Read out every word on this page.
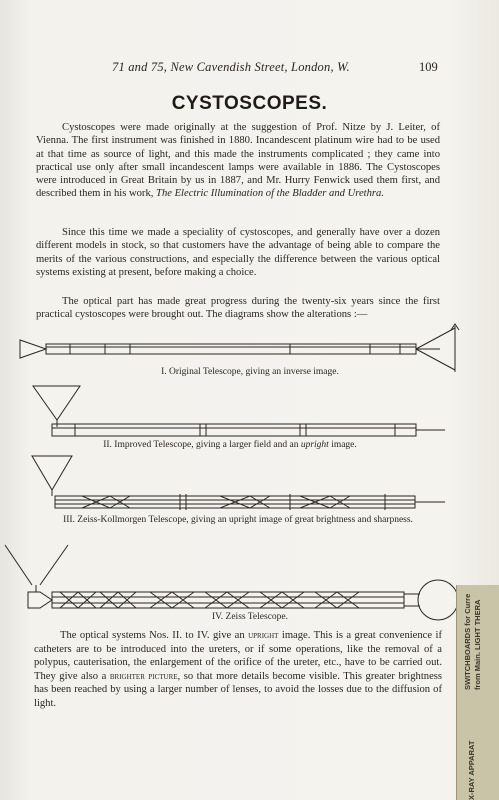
71 and 75, New Cavendish Street, London, W.	109
CYSTOSCOPES.

Cystoscopes were made originally at the suggestion of Prof. Nitze by J. Leiter, of Vienna. The first instrument was finished in 1880. Incandescent platinum wire had to be used at that time as source of light, and this made the instruments complicated ; they came into practical use only after small incandescent lamps were available in 1886. The Cystoscopes were introduced in Great Britain by us in 1887, and Mr. Hurry Fenwick used them first, and described them in his work, The Electric Illumination of the Bladder and Urethra.

Since this time we made a speciality of cystoscopes, and generally have over a dozen different models in stock, so that customers have the advantage of being able to compare the merits of the various constructions, and especially the difference between the various optical systems existing at present, before making a choice.

The optical part has made great progress during the twenty-six years since the first practical cystoscopes were brought out. The diagrams show the alterations :—

I. Original Telescope, giving an inverse image.
II. Improved Telescope, giving a larger field and an upright image.
III. Zeiss-Kollmorgen Telescope, giving an upright image of great brightness and sharpness.
IV. Zeiss Telescope.

The optical systems Nos. II. to IV. give an upright image. This is a great convenience if catheters are to be introduced into the ureters, or if some operations, like the removal of a polypus, cauterisation, the enlargement of the orifice of the ureter, etc., have to be carried out. They give also a brighter picture, so that more details become visible. This greater brightness has been reached by using a larger number of lenses, to avoid the losses due to the diffusion of light.

SWITCHBOARDS for Curre from Main. LIGHT THERA
X-RAY APPARAT
